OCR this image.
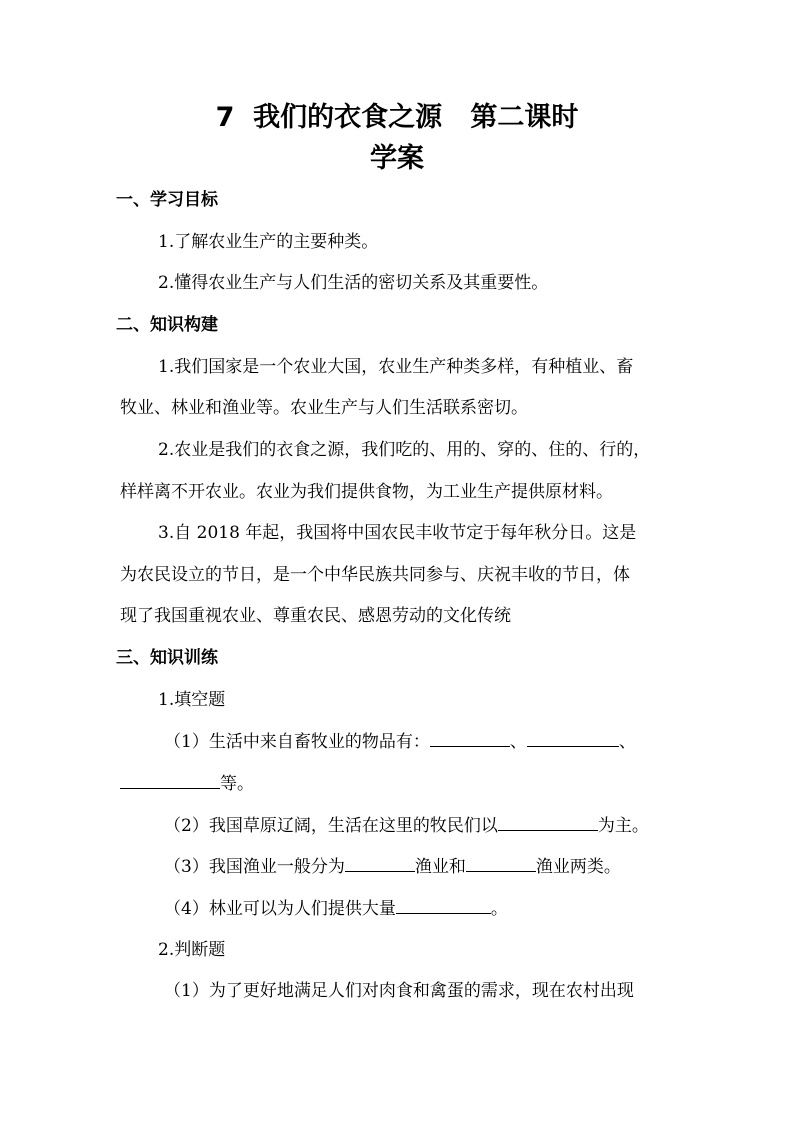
7  我们的衣食之源   第二课时
学案
一、学习目标
1.了解农业生产的主要种类。
2.懂得农业生产与人们生活的密切关系及其重要性。
二、知识构建
1.我们国家是一个农业大国，农业生产种类多样，有种植业、畜
牧业、林业和渔业等。农业生产与人们生活联系密切。
2.农业是我们的衣食之源，我们吃的、用的、穿的、住的、行的，
样样离不开农业。农业为我们提供食物，为工业生产提供原材料。
3.自 2018 年起，我国将中国农民丰收节定于每年秋分日。这是
为农民设立的节日，是一个中华民族共同参与、庆祝丰收的节日，体
现了我国重视农业、尊重农民、感恩劳动的文化传统
三、知识训练
1.填空题
（1）生活中来自畜牧业的物品有：	、	、
等。
（2）我国草原辽阔，生活在这里的牧民们以	为主。
（3）我国渔业一般分为	渔业和	渔业两类。
（4）林业可以为人们提供大量	。
2.判断题
（1）为了更好地满足人们对肉食和禽蛋的需求，现在农村出现
